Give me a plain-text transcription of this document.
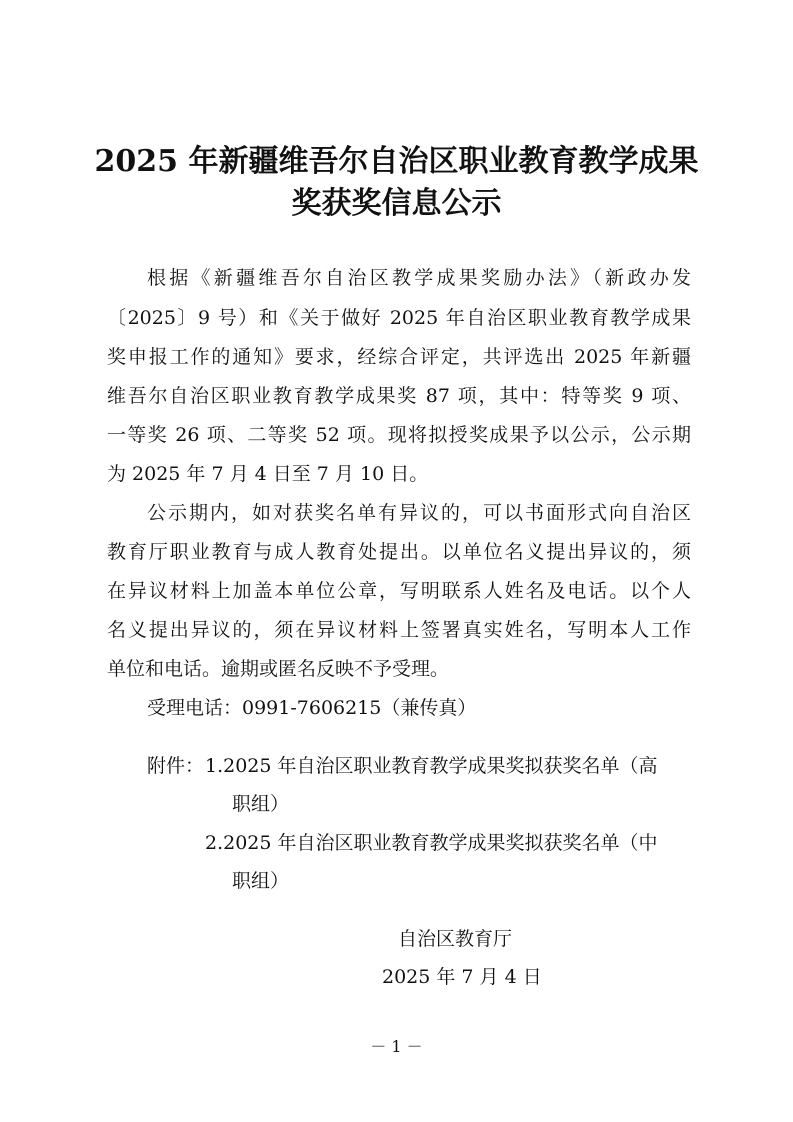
2025 年新疆维吾尔自治区职业教育教学成果
奖获奖信息公示
根据《新疆维吾尔自治区教学成果奖励办法》（新政办发
〔2025〕9 号）和《关于做好 2025 年自治区职业教育教学成果
奖申报工作的通知》要求，经综合评定，共评选出 2025 年新疆
维吾尔自治区职业教育教学成果奖 87 项，其中：特等奖 9 项、
一等奖 26 项、二等奖 52 项。现将拟授奖成果予以公示，公示期
为 2025 年 7 月 4 日至 7 月 10 日。
公示期内，如对获奖名单有异议的，可以书面形式向自治区
教育厅职业教育与成人教育处提出。以单位名义提出异议的，须
在异议材料上加盖本单位公章，写明联系人姓名及电话。以个人
名义提出异议的，须在异议材料上签署真实姓名，写明本人工作
单位和电话。逾期或匿名反映不予受理。
受理电话：0991-7606215（兼传真）
附件： 1.2025 年自治区职业教育教学成果奖拟获奖名单（高
职组）
2.2025 年自治区职业教育教学成果奖拟获奖名单（中
职组）
自治区教育厅
2025 年 7 月 4 日
－ 1 －
